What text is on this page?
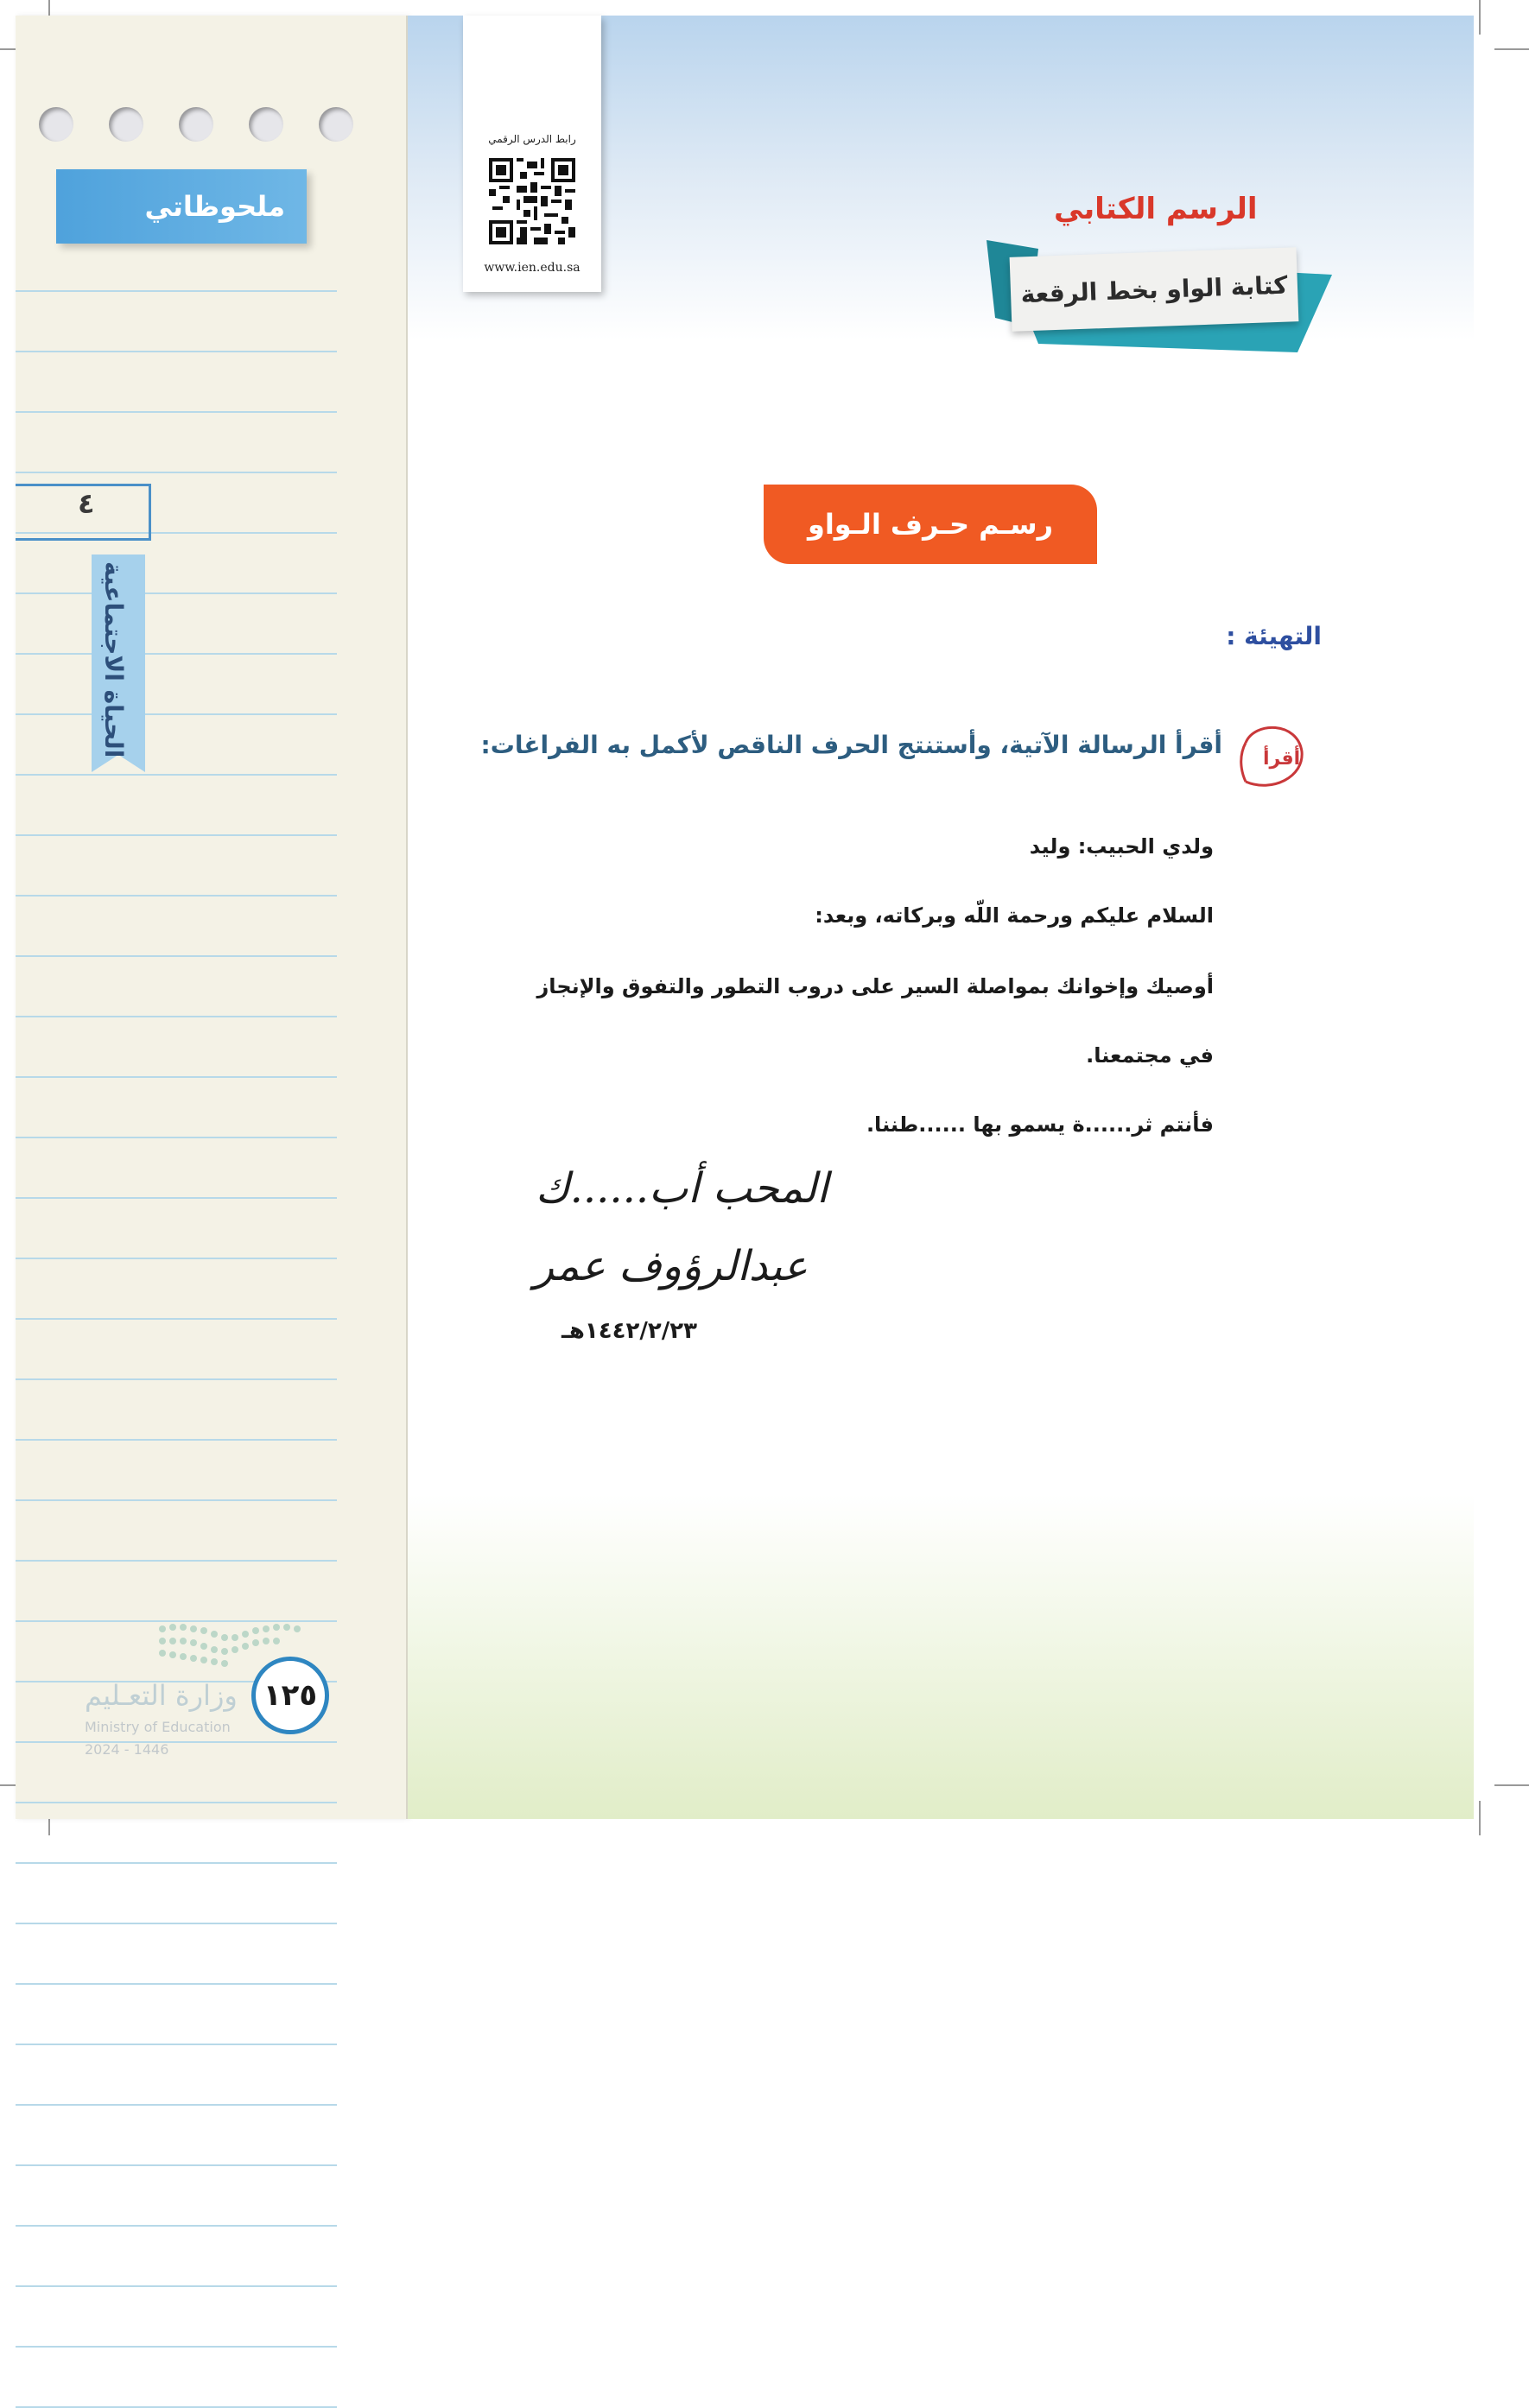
ملحوظاتي
٤
الحياة الاجتماعية
وزارة التعـليم
Ministry of Education
2024 - 1446
١٢٥
رابط الدرس الرقمي
www.ien.edu.sa
الرسم الكتابي
كتابة الواو بخط الرقعة
رسـم حـرف الـواو
التهيئة :
أقرأ
أقرأ الرسالة الآتية، وأستنتج الحرف الناقص لأكمل به الفراغات:
ولدي الحبيب: وليد
السلام عليكم ورحمة اللّه وبركاته، وبعد:
أوصيك وإخوانك بمواصلة السير على دروب التطور والتفوق والإنجاز
في مجتمعنا.
فأنتم ثر......ة يسمو بها ......طننا.
المحب أب......ك
عبدالرؤوف عمر
١٤٤٢/٢/٢٣هـ
